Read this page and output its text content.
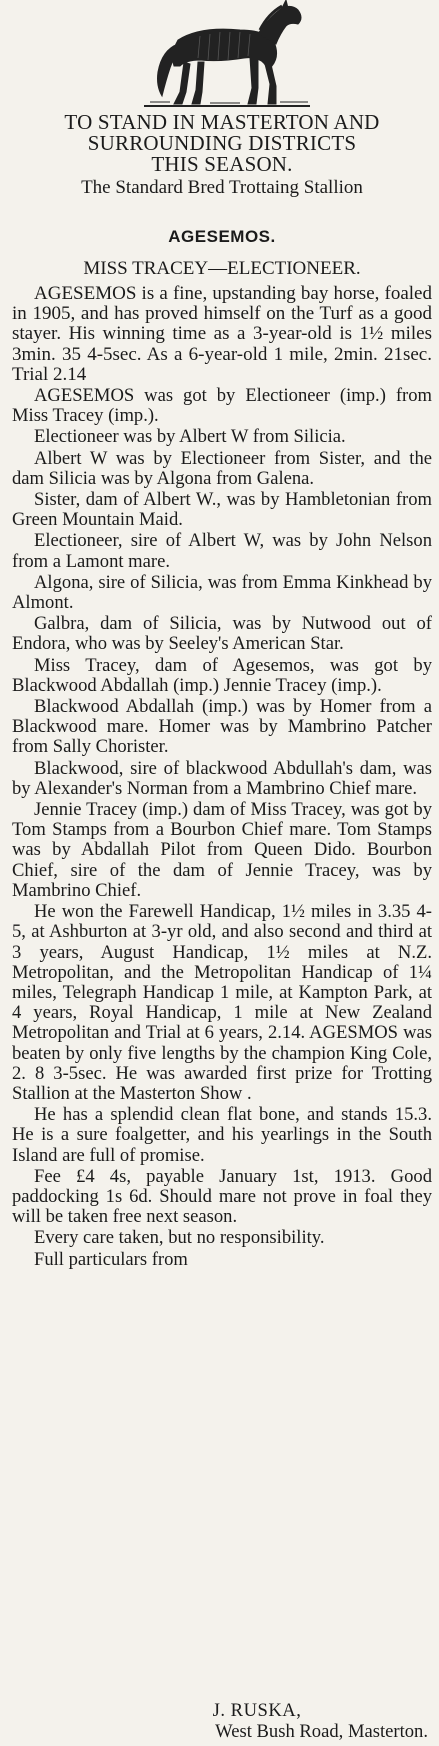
TO STAND IN MASTERTON AND
SURROUNDING DISTRICTS
THIS SEASON.
The Standard Bred Trottaing Stallion
AGESEMOS.
MISS TRACEY—ELECTIONEER.

AGESEMOS is a fine, upstanding bay horse, foaled in 1905, and has proved himself on the Turf as a good stayer. His winning time as a 3-year-old is 1½ miles 3min. 35 4-5sec. As a 6-year-old 1 mile, 2min. 21sec. Trial 2.14

AGESEMOS was got by Electioneer (imp.) from Miss Tracey (imp.).

Electioneer was by Albert W from Silicia.

Albert W was by Electioneer from Sister, and the dam Silicia was by Algona from Galena.

Sister, dam of Albert W., was by Hambletonian from Green Mountain Maid.

Electioneer, sire of Albert W, was by John Nelson from a Lamont mare.

Algona, sire of Silicia, was from Emma Kinkhead by Almont.

Galbra, dam of Silicia, was by Nutwood out of Endora, who was by Seeley's American Star.

Miss Tracey, dam of Agesemos, was got by Blackwood Abdallah (imp.) Jennie Tracey (imp.).

Blackwood Abdallah (imp.) was by Homer from a Blackwood mare. Homer was by Mambrino Patcher from Sally Chorister.

Blackwood, sire of blackwood Abdullah's dam, was by Alexander's Norman from a Mambrino Chief mare.

Jennie Tracey (imp.) dam of Miss Tracey, was got by Tom Stamps from a Bourbon Chief mare. Tom Stamps was by Abdallah Pilot from Queen Dido. Bourbon Chief, sire of the dam of Jennie Tracey, was by Mambrino Chief.

He won the Farewell Handicap, 1½ miles in 3.35 4-5, at Ashburton at 3-yr old, and also second and third at 3 years, August Handicap, 1½ miles at N.Z. Metropolitan, and the Metropolitan Handicap of 1¼ miles, Telegraph Handicap 1 mile, at Kampton Park, at 4 years, Royal Handicap, 1 mile at New Zealand Metropolitan and Trial at 6 years, 2.14. AGESMOS was beaten by only five lengths by the champion King Cole, 2. 8 3-5sec. He was awarded first prize for Trotting Stallion at the Masterton Show .

He has a splendid clean flat bone, and stands 15.3. He is a sure foalgetter, and his yearlings in the South Island are full of promise.

Fee £4 4s, payable January 1st, 1913. Good paddocking 1s 6d. Should mare not prove in foal they will be taken free next season.

Every care taken, but no responsibility.

Full particulars from

J. RUSKA,
West Bush Road, Masterton.
